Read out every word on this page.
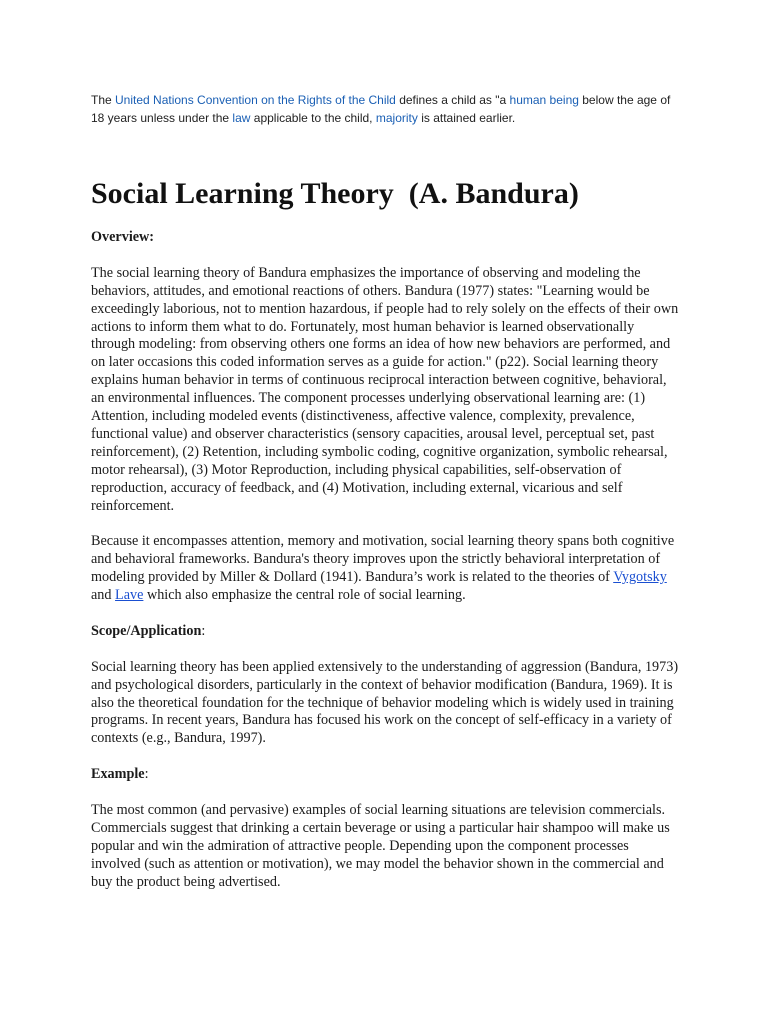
The United Nations Convention on the Rights of the Child defines a child as "a human being below the age of 18 years unless under the law applicable to the child, majority is attained earlier.

Social Learning Theory  (A. Bandura)

Overview:

The social learning theory of Bandura emphasizes the importance of observing and modeling the behaviors, attitudes, and emotional reactions of others. Bandura (1977) states: "Learning would be exceedingly laborious, not to mention hazardous, if people had to rely solely on the effects of their own actions to inform them what to do. Fortunately, most human behavior is learned observationally through modeling: from observing others one forms an idea of how new behaviors are performed, and on later occasions this coded information serves as a guide for action." (p22). Social learning theory explains human behavior in terms of continuous reciprocal interaction between cognitive, behavioral, an environmental influences. The component processes underlying observational learning are: (1) Attention, including modeled events (distinctiveness, affective valence, complexity, prevalence, functional value) and observer characteristics (sensory capacities, arousal level, perceptual set, past reinforcement), (2) Retention, including symbolic coding, cognitive organization, symbolic rehearsal, motor rehearsal), (3) Motor Reproduction, including physical capabilities, self-observation of reproduction, accuracy of feedback, and (4) Motivation, including external, vicarious and self reinforcement.

Because it encompasses attention, memory and motivation, social learning theory spans both cognitive and behavioral frameworks. Bandura's theory improves upon the strictly behavioral interpretation of modeling provided by Miller & Dollard (1941). Bandura’s work is related to the theories of Vygotsky and Lave which also emphasize the central role of social learning.

Scope/Application:

Social learning theory has been applied extensively to the understanding of aggression (Bandura, 1973) and psychological disorders, particularly in the context of behavior modification (Bandura, 1969). It is also the theoretical foundation for the technique of behavior modeling which is widely used in training programs. In recent years, Bandura has focused his work on the concept of self-efficacy in a variety of contexts (e.g., Bandura, 1997).

Example:

The most common (and pervasive) examples of social learning situations are television commercials. Commercials suggest that drinking a certain beverage or using a particular hair shampoo will make us popular and win the admiration of attractive people. Depending upon the component processes involved (such as attention or motivation), we may model the behavior shown in the commercial and buy the product being advertised.
